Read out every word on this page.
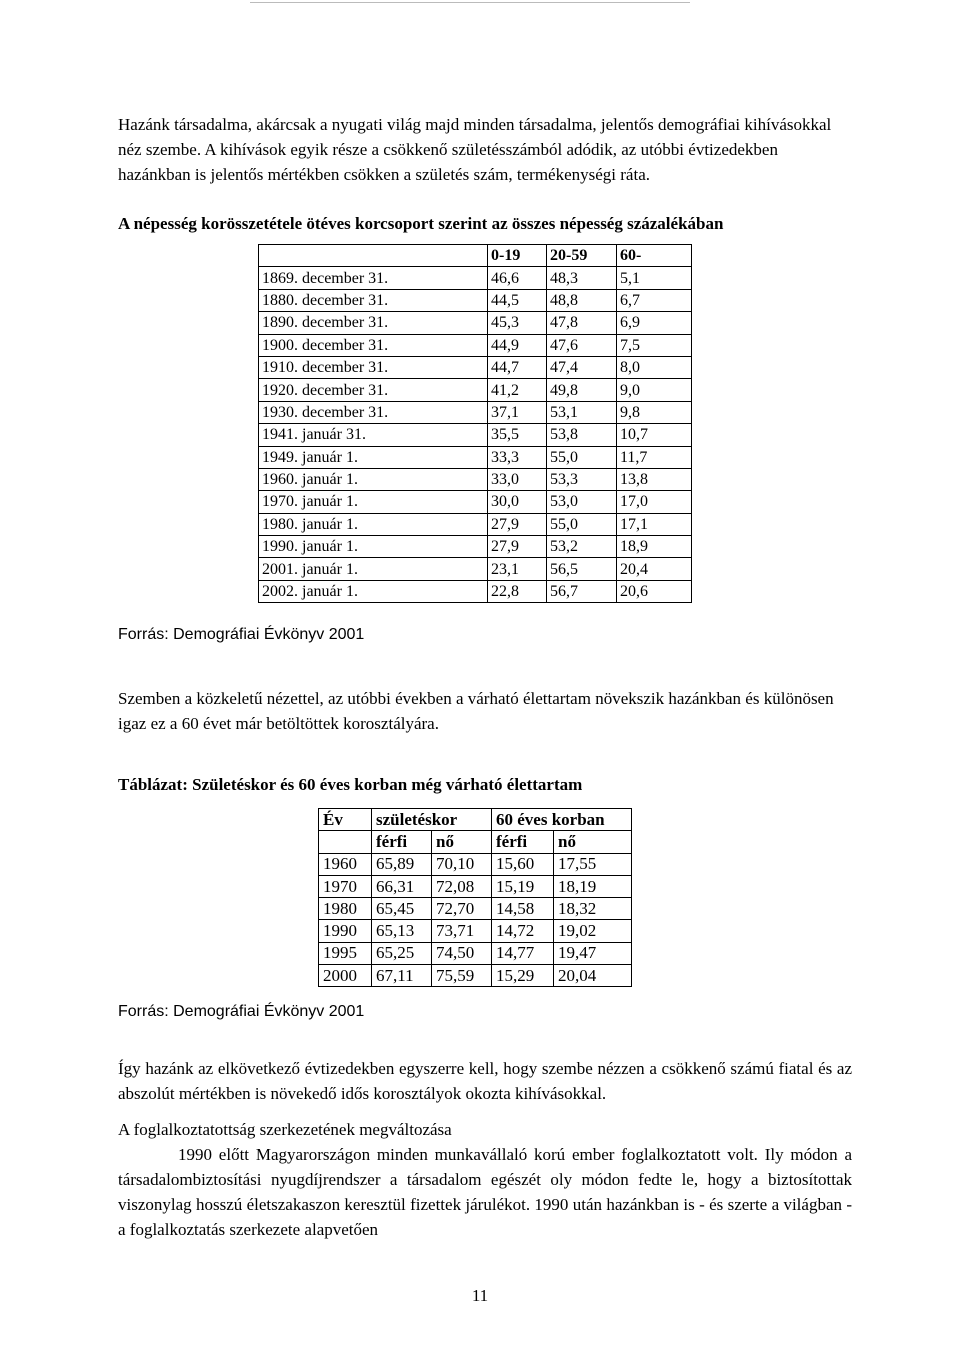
Hazánk társadalma, akárcsak a nyugati világ majd minden társadalma, jelentős demográfiai kihívásokkal néz szembe. A kihívások egyik része a csökkenő születésszámból adódik, az utóbbi évtizedekben hazánkban is jelentős mértékben csökken a születés szám, termékenységi ráta.

A népesség korösszetétele ötéves korcsoport szerint az összes népesség százalékában

	0-19	20-59	60-
1869. december 31.	46,6	48,3	5,1
1880. december 31.	44,5	48,8	6,7
1890. december 31.	45,3	47,8	6,9
1900. december 31.	44,9	47,6	7,5
1910. december 31.	44,7	47,4	8,0
1920. december 31.	41,2	49,8	9,0
1930. december 31.	37,1	53,1	9,8
1941. január 31.	35,5	53,8	10,7
1949. január 1.	33,3	55,0	11,7
1960. január 1.	33,0	53,3	13,8
1970. január 1.	30,0	53,0	17,0
1980. január 1.	27,9	55,0	17,1
1990. január 1.	27,9	53,2	18,9
2001. január 1.	23,1	56,5	20,4
2002. január 1.	22,8	56,7	20,6

Forrás: Demográfiai Évkönyv 2001

Szemben a közkeletű nézettel, az utóbbi években a várható élettartam növekszik hazánkban és különösen igaz ez a 60 évet már betöltöttek korosztályára.

Táblázat: Születéskor és 60 éves korban még várható élettartam

Év	születéskor		60 éves korban	
	férfi	nő	férfi	nő
1960	65,89	70,10	15,60	17,55
1970	66,31	72,08	15,19	18,19
1980	65,45	72,70	14,58	18,32
1990	65,13	73,71	14,72	19,02
1995	65,25	74,50	14,77	19,47
2000	67,11	75,59	15,29	20,04

Forrás: Demográfiai Évkönyv 2001

Így hazánk az elkövetkező évtizedekben egyszerre kell, hogy szembe nézzen a csökkenő számú fiatal és az abszolút mértékben is növekedő idős korosztályok okozta kihívásokkal.

A foglalkoztatottság szerkezetének megváltozása

1990 előtt Magyarországon minden munkavállaló korú ember foglalkoztatott volt. Ily módon a társadalombiztosítási nyugdíjrendszer a társadalom egészét oly módon fedte le, hogy a biztosítottak viszonylag hosszú életszakaszon keresztül fizettek járulékot. 1990 után hazánkban is - és szerte a világban - a foglalkoztatás szerkezete alapvetően

11
